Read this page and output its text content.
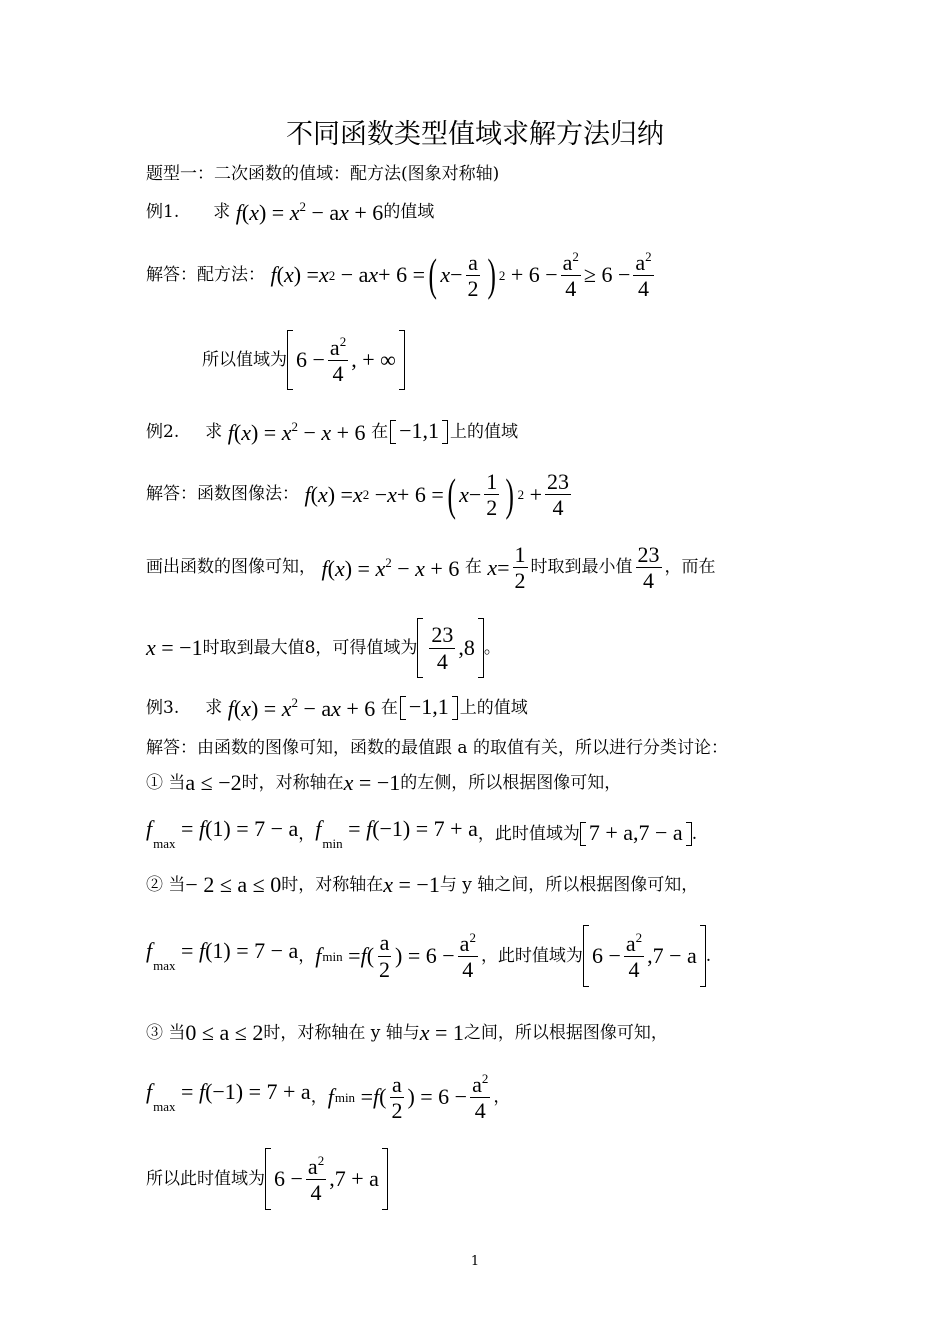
不同函数类型值域求解方法归纳
题型一：二次函数的值域：配方法(图象对称轴)
例1. 求 $f(x) = x^2$ − ax + 6 的值域
解答：配方法：
f ( x ) = x 2 − a x + 6 = ( $x - \frac{a}{2}$ ) $2 + 6 - \frac{a^2}{4} \ge 6 - \frac{a^2}{4}$
所以值域为 $6 - \frac{a^2}{4}$ , + ∞
例2. 求 $f(x) = x^2 - x + 6$ 在 −1,1 上的值域
解答：函数图像法：
f ( x ) = x 2 − x + 6 = ( $x - \frac{1}{2}$ ) $2 + \frac{23}{4}$
画出函数的图像可知， $f(x) = x^2 - x + 6$ 在
$x = \frac{1}{2}$ 时取到最小值 $\frac{23}{4}$ ，而在
x = −1 时取到最大值8，可得值域为 $\frac{23}{4} ,8$ 。
例3. 求 $f(x) = x^2$ − ax + 6 在 −1,1 上的值域
解答：由函数的图像可知，函数的最值跟 a 的取值有关，所以进行分类讨论：
① 当 a ≤ −2 时，对称轴在 x = −1 的左侧，所以根据图像可知，
$f_{max} = f(1) = 7 - a$ ， $f_{min} = f(-1) = 7 + a$ ，此时值域为 7 + a,7 − a .
② 当 − 2 ≤ a ≤ 0 时，对称轴在 x = −1 与 y 轴之间，所以根据图像可知，
$f_{max} = f(1) = 7 - a$ ， f min = f ( $\frac{a}{2}$ ) = $6 - \frac{a^2}{4}$ ，此时值域为 $6 - \frac{a^2}{4} ,7 - a$ .
③ 当 0 ≤ a ≤ 2 时，对称轴在 y 轴与 x = 1 之间，所以根据图像可知，
$f_{max} = f(-1) = 7 + a$ ， f min = f ( $\frac{a}{2}$ ) = $6 - \frac{a^2}{4}$ ，
所以此时值域为 $6 - \frac{a^2}{4} ,7 + a$
1
